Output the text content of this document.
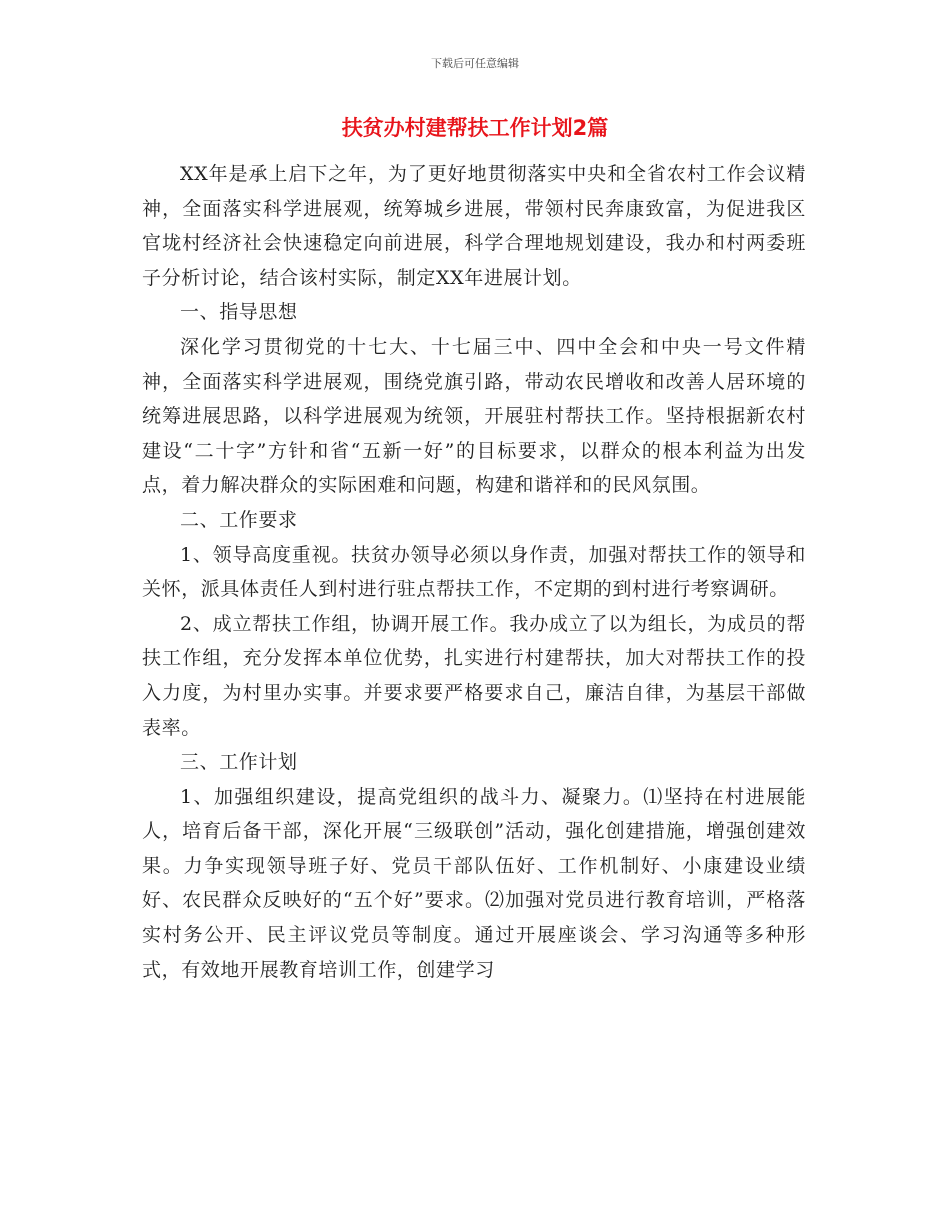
下载后可任意编辑
扶贫办村建帮扶工作计划2篇

XX年是承上启下之年，为了更好地贯彻落实中央和全省农村工作会议精神，全面落实科学进展观，统筹城乡进展，带领村民奔康致富，为促进我区官垅村经济社会快速稳定向前进展，科学合理地规划建设，我办和村两委班子分析讨论，结合该村实际，制定XX年进展计划。

一、指导思想

深化学习贯彻党的十七大、十七届三中、四中全会和中央一号文件精神，全面落实科学进展观，围绕党旗引路，带动农民增收和改善人居环境的统筹进展思路，以科学进展观为统领，开展驻村帮扶工作。坚持根据新农村建设“二十字”方针和省“五新一好”的目标要求，以群众的根本利益为出发点，着力解决群众的实际困难和问题，构建和谐祥和的民风氛围。

二、工作要求

1、领导高度重视。扶贫办领导必须以身作责，加强对帮扶工作的领导和关怀，派具体责任人到村进行驻点帮扶工作，不定期的到村进行考察调研。

2、成立帮扶工作组，协调开展工作。我办成立了以为组长，为成员的帮扶工作组，充分发挥本单位优势，扎实进行村建帮扶，加大对帮扶工作的投入力度，为村里办实事。并要求要严格要求自己，廉洁自律，为基层干部做表率。

三、工作计划

1、加强组织建设，提高党组织的战斗力、凝聚力。⑴坚持在村进展能人，培育后备干部，深化开展“三级联创”活动，强化创建措施，增强创建效果。力争实现领导班子好、党员干部队伍好、工作机制好、小康建设业绩好、农民群众反映好的“五个好”要求。⑵加强对党员进行教育培训，严格落实村务公开、民主评议党员等制度。通过开展座谈会、学习沟通等多种形式，有效地开展教育培训工作，创建学习
